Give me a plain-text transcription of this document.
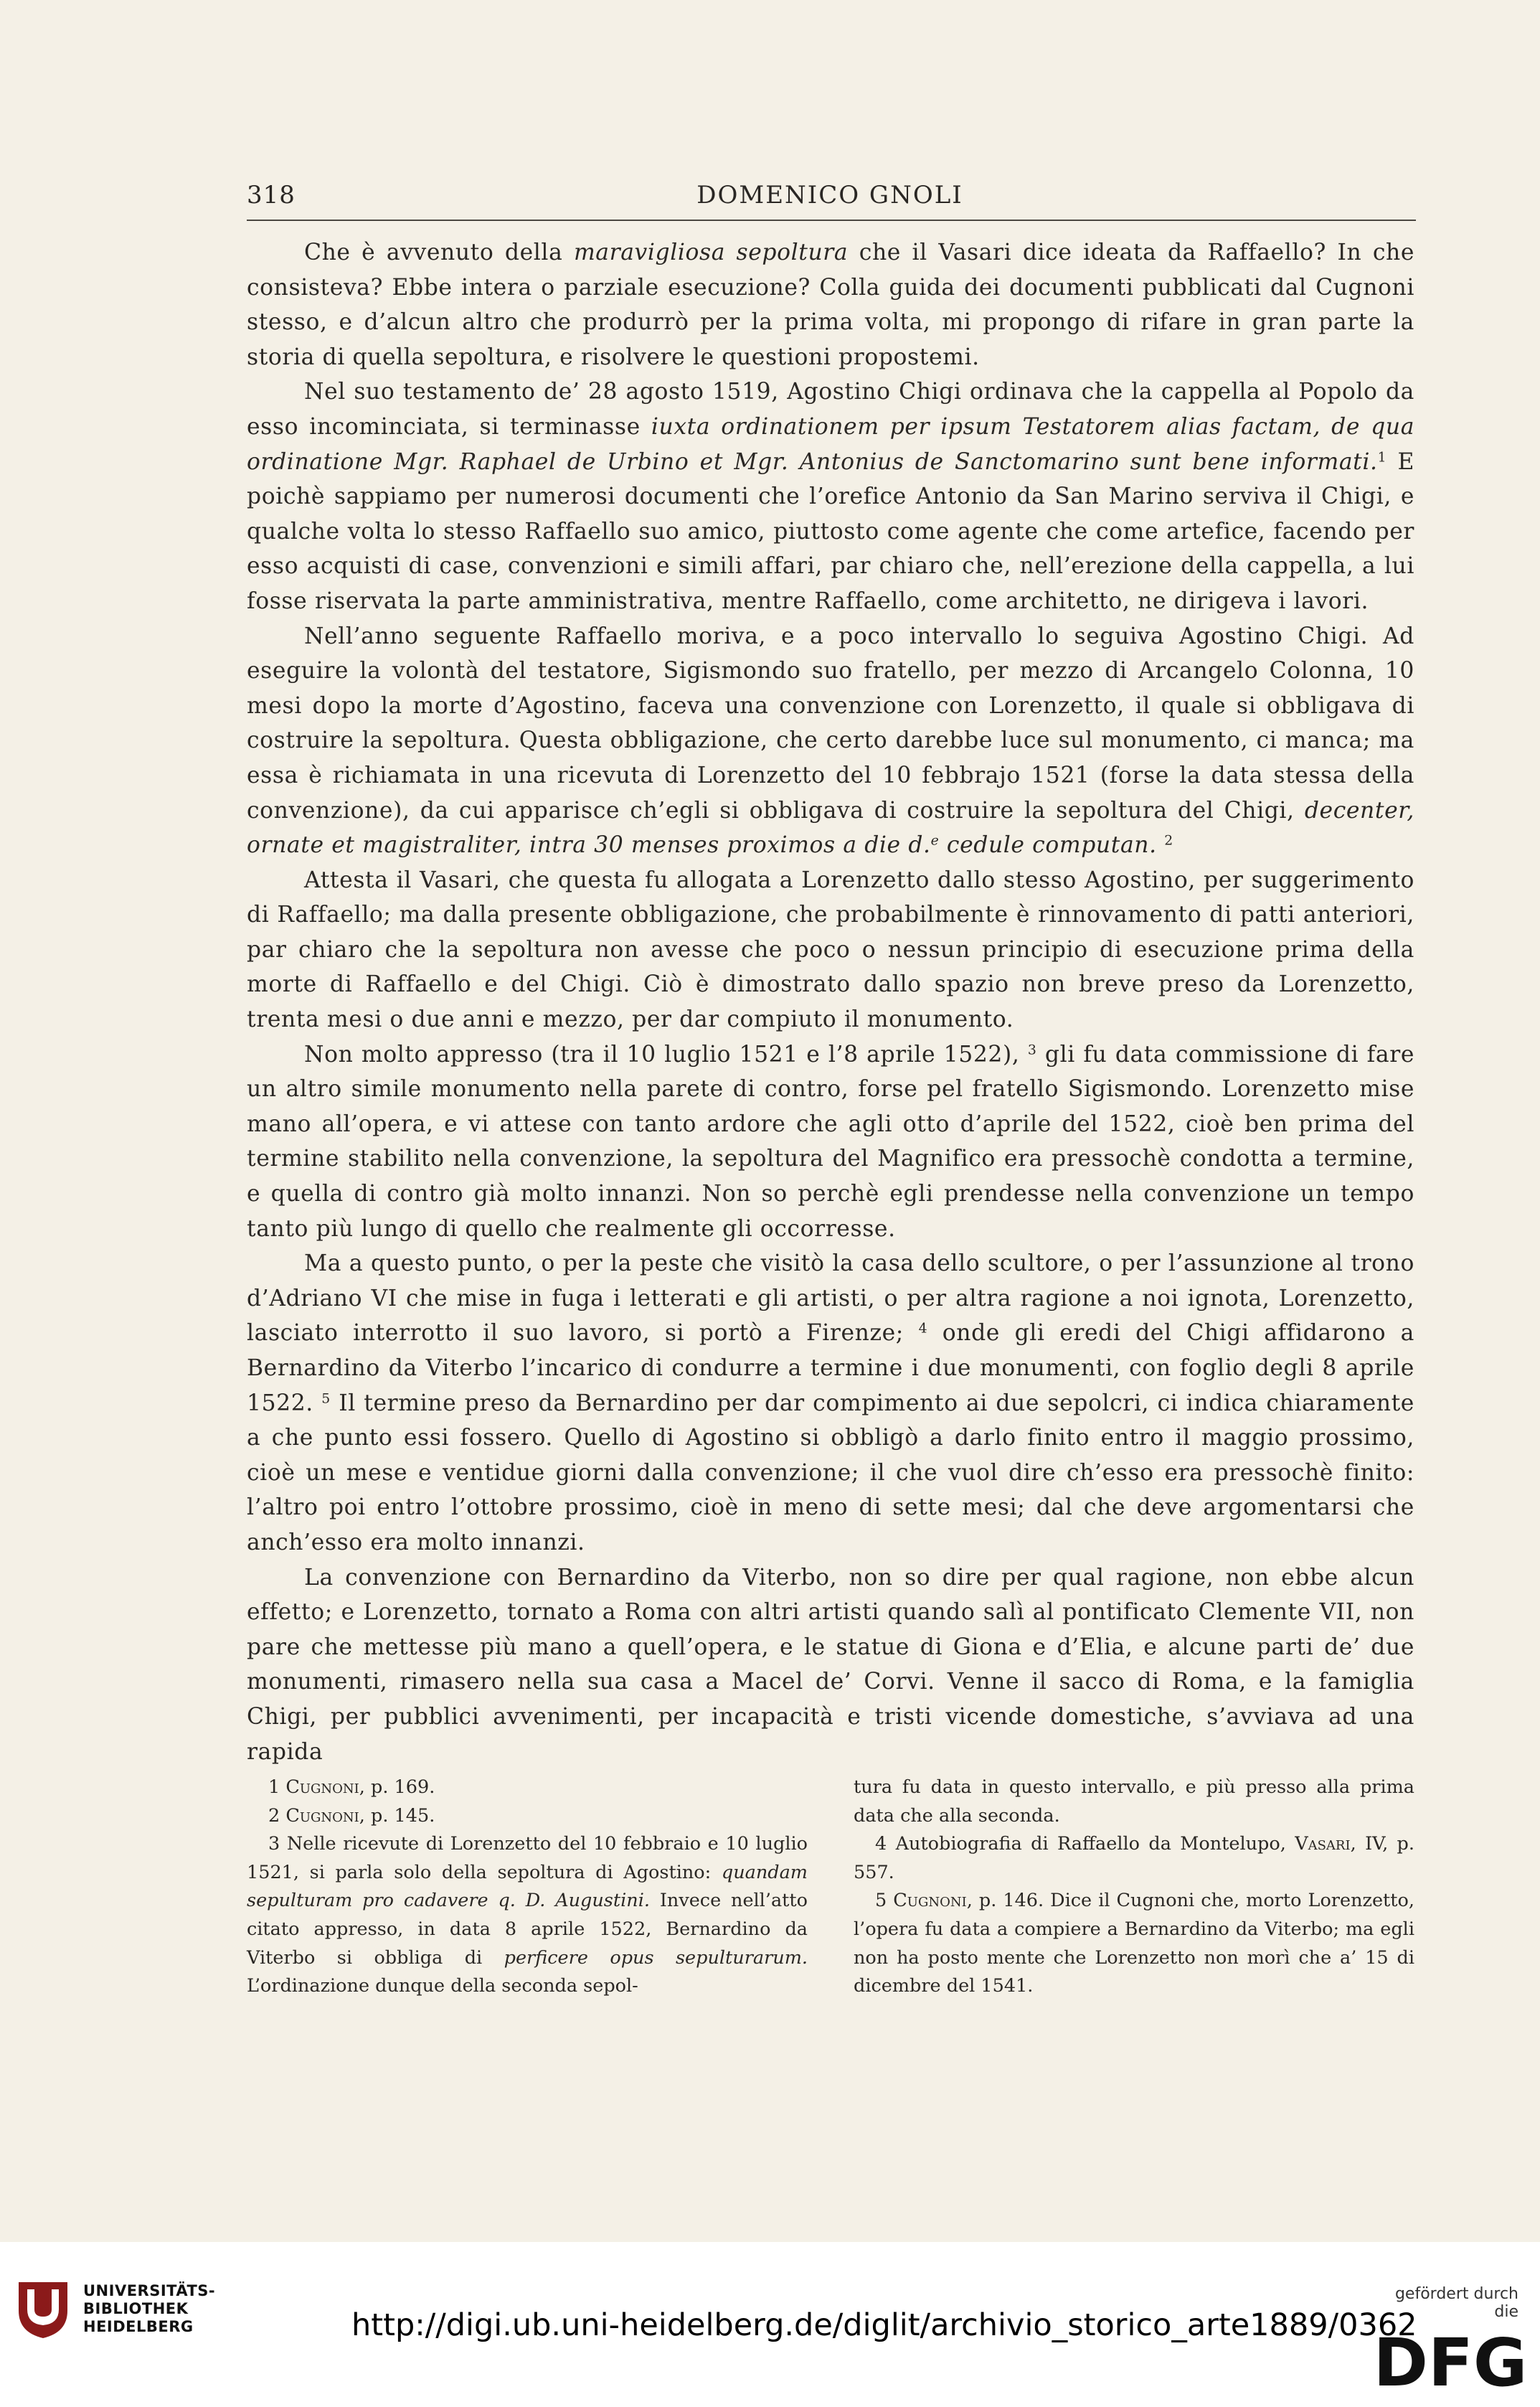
318	DOMENICO GNOLI

Che è avvenuto della maravigliosa sepoltura che il Vasari dice ideata da Raffaello? In che consisteva? Ebbe intera o parziale esecuzione? Colla guida dei documenti pubblicati dal Cugnoni stesso, e d’alcun altro che produrrò per la prima volta, mi propongo di rifare in gran parte la storia di quella sepoltura, e risolvere le questioni propostemi.

Nel suo testamento de’ 28 agosto 1519, Agostino Chigi ordinava che la cappella al Popolo da esso incominciata, si terminasse iuxta ordinationem per ipsum Testatorem alias factam, de qua ordinatione Mgr. Raphael de Urbino et Mgr. Antonius de Sanctomarino sunt bene informati.$^1$ E poichè sappiamo per numerosi documenti che l’orefice Antonio da San Marino serviva il Chigi, e qualche volta lo stesso Raffaello suo amico, piuttosto come agente che come artefice, facendo per esso acquisti di case, convenzioni e simili affari, par chiaro che, nell’erezione della cappella, a lui fosse riservata la parte amministrativa, mentre Raffaello, come architetto, ne dirigeva i lavori.

Nell’anno seguente Raffaello moriva, e a poco intervallo lo seguiva Agostino Chigi. Ad eseguire la volontà del testatore, Sigismondo suo fratello, per mezzo di Arcangelo Colonna, 10 mesi dopo la morte d’Agostino, faceva una convenzione con Lorenzetto, il quale si obbligava di costruire la sepoltura. Questa obbligazione, che certo darebbe luce sul monumento, ci manca; ma essa è richiamata in una ricevuta di Lorenzetto del 10 febbrajo 1521 (forse la data stessa della convenzione), da cui apparisce ch’egli si obbligava di costruire la sepoltura del Chigi, decenter, ornate et magistraliter, intra 30 menses proximos a die d.$^e$ cedule computan. $^2$

Attesta il Vasari, che questa fu allogata a Lorenzetto dallo stesso Agostino, per suggerimento di Raffaello; ma dalla presente obbligazione, che probabilmente è rinnovamento di patti anteriori, par chiaro che la sepoltura non avesse che poco o nessun principio di esecuzione prima della morte di Raffaello e del Chigi. Ciò è dimostrato dallo spazio non breve preso da Lorenzetto, trenta mesi o due anni e mezzo, per dar compiuto il monumento.

Non molto appresso (tra il 10 luglio 1521 e l’8 aprile 1522), $^3$ gli fu data commissione di fare un altro simile monumento nella parete di contro, forse pel fratello Sigismondo. Lorenzetto mise mano all’opera, e vi attese con tanto ardore che agli otto d’aprile del 1522, cioè ben prima del termine stabilito nella convenzione, la sepoltura del Magnifico era pressochè condotta a termine, e quella di contro già molto innanzi. Non so perchè egli prendesse nella convenzione un tempo tanto più lungo di quello che realmente gli occorresse.

Ma a questo punto, o per la peste che visitò la casa dello scultore, o per l’assunzione al trono d’Adriano VI che mise in fuga i letterati e gli artisti, o per altra ragione a noi ignota, Lorenzetto, lasciato interrotto il suo lavoro, si portò a Firenze; $^4$ onde gli eredi del Chigi affidarono a Bernardino da Viterbo l’incarico di condurre a termine i due monumenti, con foglio degli 8 aprile 1522. $^5$ Il termine preso da Bernardino per dar compimento ai due sepolcri, ci indica chiaramente a che punto essi fossero. Quello di Agostino si obbligò a darlo finito entro il maggio prossimo, cioè un mese e ventidue giorni dalla convenzione; il che vuol dire ch’esso era pressochè finito: l’altro poi entro l’ottobre prossimo, cioè in meno di sette mesi; dal che deve argomentarsi che anch’esso era molto innanzi.

La convenzione con Bernardino da Viterbo, non so dire per qual ragione, non ebbe alcun effetto; e Lorenzetto, tornato a Roma con altri artisti quando salì al pontificato Clemente VII, non pare che mettesse più mano a quell’opera, e le statue di Giona e d’Elia, e alcune parti de’ due monumenti, rimasero nella sua casa a Macel de’ Corvi. Venne il sacco di Roma, e la famiglia Chigi, per pubblici avvenimenti, per incapacità e tristi vicende domestiche, s’avviava ad una rapida

1 Cugnoni, p. 169.

2 Cugnoni, p. 145.

3 Nelle ricevute di Lorenzetto del 10 febbraio e 10 luglio 1521, si parla solo della sepoltura di Agostino: quandam sepulturam pro cadavere q. D. Augustini. Invece nell’atto citato appresso, in data 8 aprile 1522, Bernardino da Viterbo si obbliga di perficere opus sepulturarum. L’ordinazione dunque della seconda sepol-

tura fu data in questo intervallo, e più presso alla prima data che alla seconda.

4 Autobiografia di Raffaello da Montelupo, Vasari, IV, p. 557.

5 Cugnoni, p. 146. Dice il Cugnoni che, morto Lorenzetto, l’opera fu data a compiere a Bernardino da Viterbo; ma egli non ha posto mente che Lorenzetto non morì che a’ 15 di dicembre del 1541.

UNIVERSITÄTS-
BIBLIOTHEK
HEIDELBERG	http://digi.ub.uni-heidelberg.de/diglit/archivio_storico_arte1889/0362
gefördert durch die
DFG
